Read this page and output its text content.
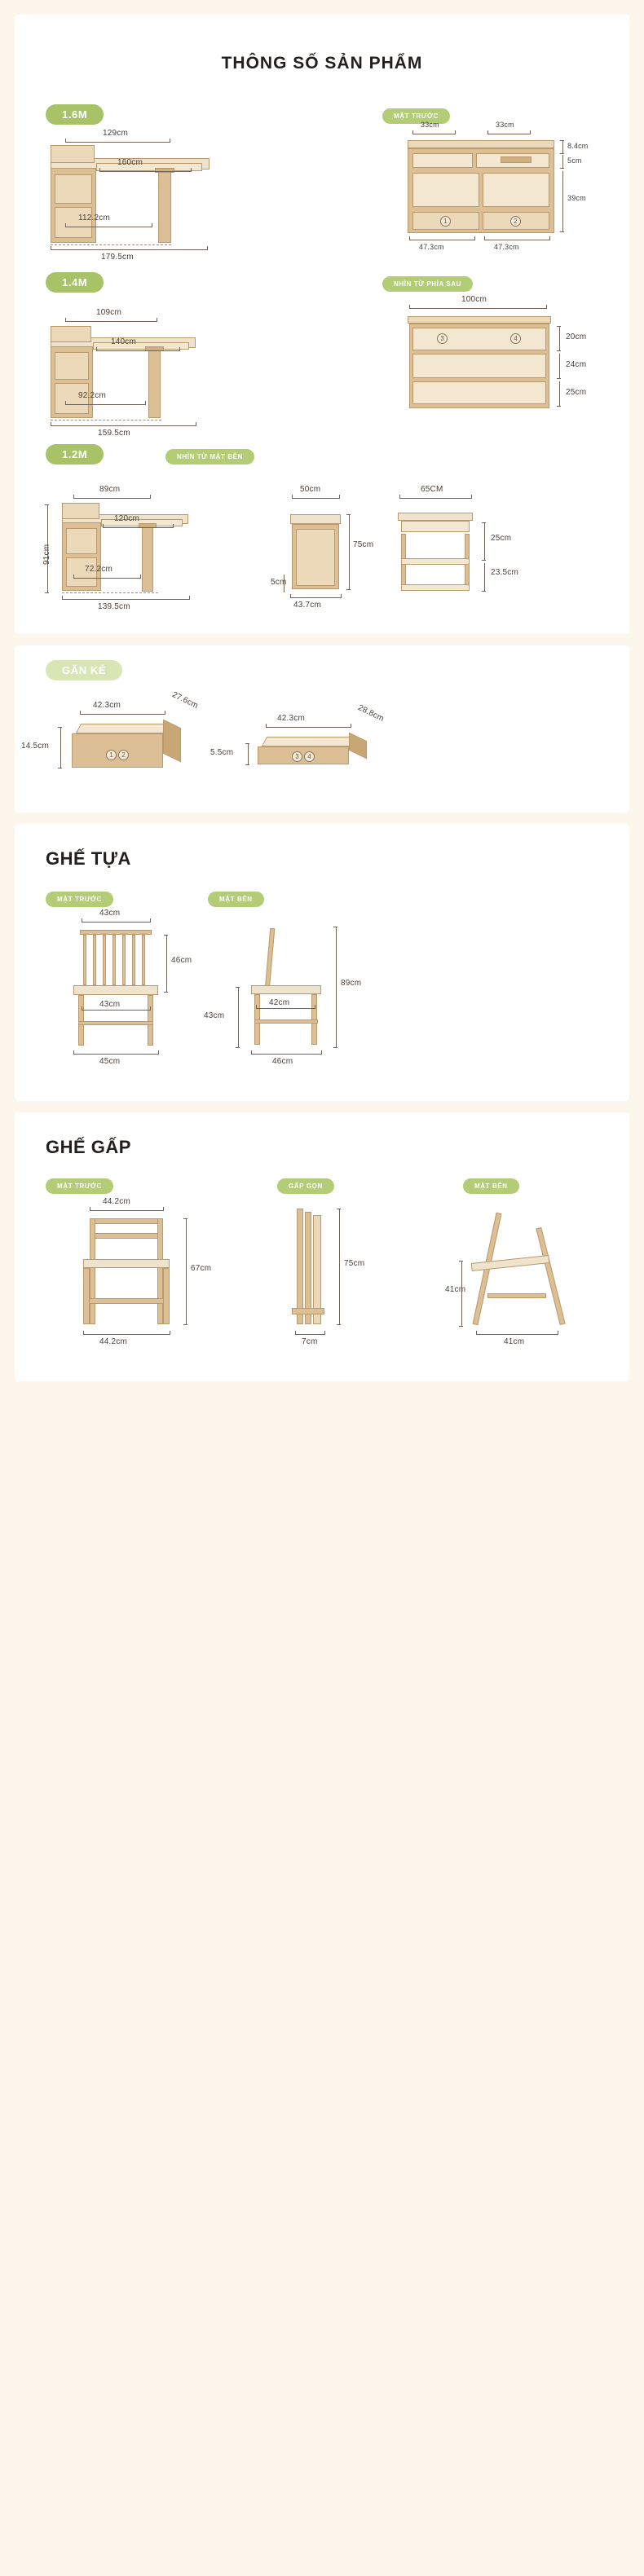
THÔNG SỐ SẢN PHẨM
1.6M	MẶT TRƯỚC
129cm
160cm
112.2cm
179.5cm
1	2
33cm	33cm
8.4cm
5cm
39cm
47.3cm	47.3cm
1.4M	NHÌN TỪ PHÍA SAU
109cm
140cm
92.2cm
159.5cm
3	4
100cm
20cm
24cm
25cm
1.2M	NHÌN TỪ MẶT BÊN
91cm
89cm
120cm
72.2cm
139.5cm
50cm
75cm
5cm
43.7cm
65CM
25cm
23.5cm
GĂN KÉ
1	2
42.3cm	27.6cm
14.5cm
3	4
42.3cm	28.8cm
5.5cm
GHẾ TỰA
MẶT TRƯỚC	MẶT BÊN
43cm
46cm
43cm
45cm
89cm
43cm
42cm
46cm
GHẾ GẤP
MẶT TRƯỚC	GẤP GỌN	MẶT BÊN
44.2cm
67cm
44.2cm
75cm
7cm
41cm
41cm
